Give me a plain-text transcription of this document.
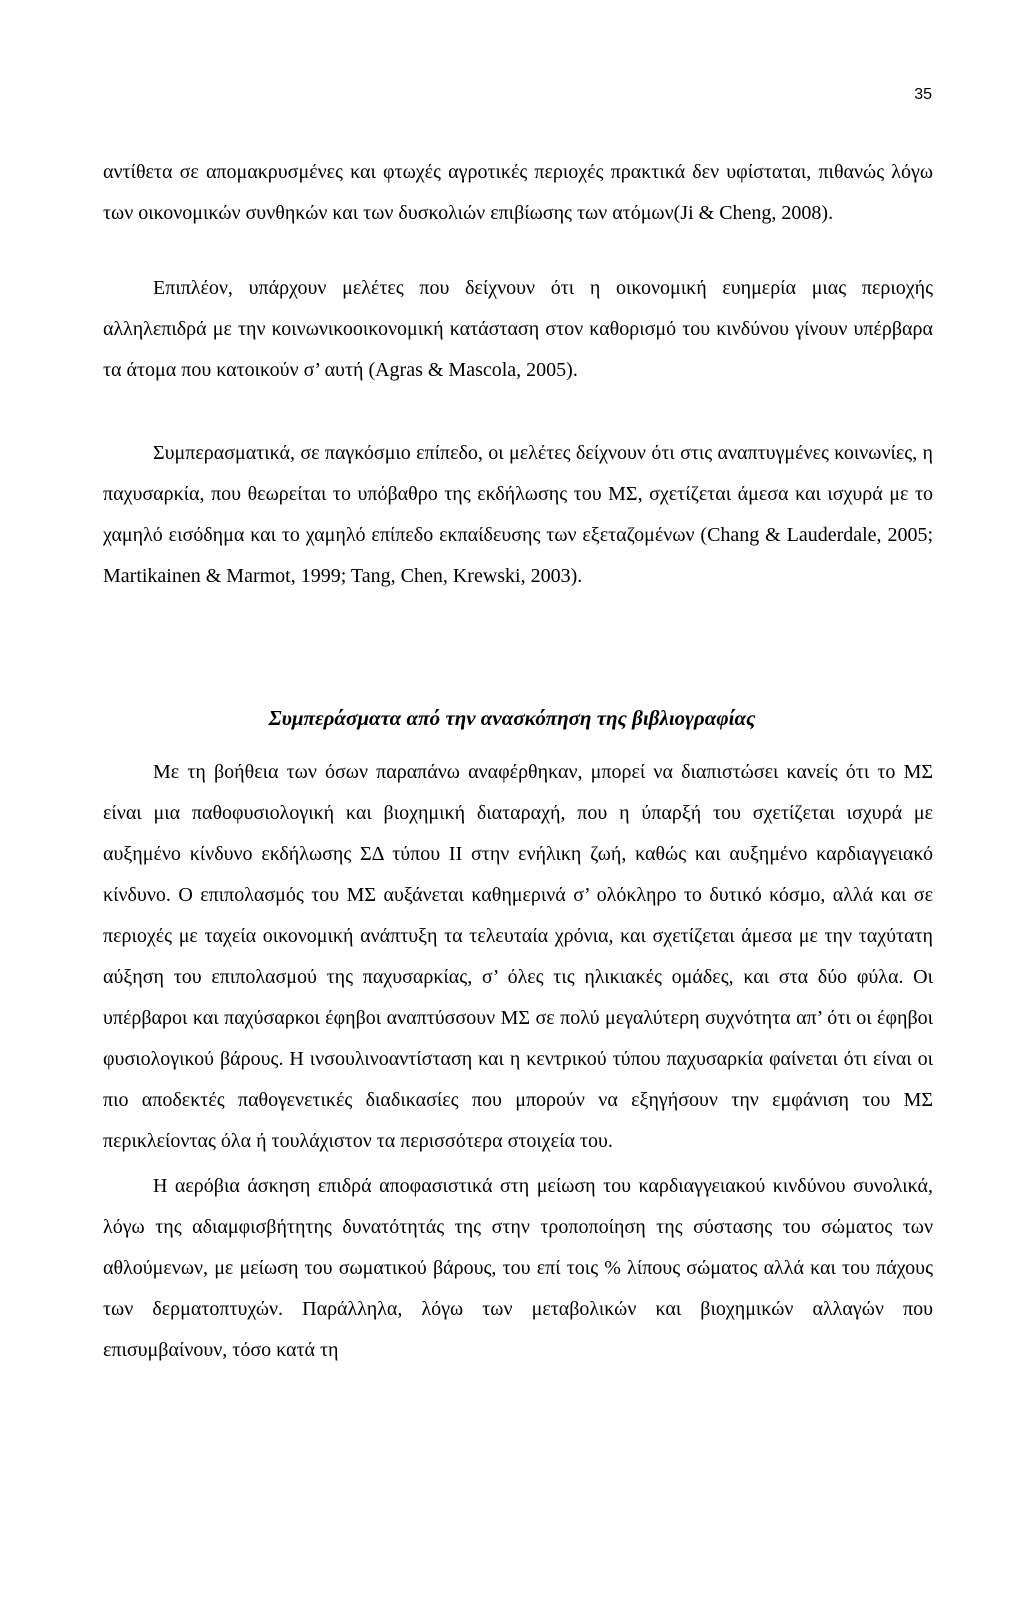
35

αντίθετα σε απομακρυσμένες και φτωχές αγροτικές περιοχές πρακτικά δεν υφίσταται, πιθανώς λόγω των οικονομικών συνθηκών και των δυσκολιών επιβίωσης των ατόμων(Ji & Cheng, 2008).

Επιπλέον, υπάρχουν μελέτες που δείχνουν ότι η οικονομική ευημερία μιας περιοχής αλληλεπιδρά με την κοινωνικοοικονομική κατάσταση στον καθορισμό του κινδύνου γίνουν υπέρβαρα τα άτομα που κατοικούν σ’ αυτή (Agras & Mascola, 2005).

Συμπερασματικά, σε παγκόσμιο επίπεδο, οι μελέτες δείχνουν ότι στις αναπτυγμένες κοινωνίες, η παχυσαρκία, που θεωρείται το υπόβαθρο της εκδήλωσης του ΜΣ, σχετίζεται άμεσα και ισχυρά με το χαμηλό εισόδημα και το χαμηλό επίπεδο εκπαίδευσης των εξεταζομένων (Chang & Lauderdale, 2005; Martikainen & Marmot, 1999; Tang, Chen, Krewski, 2003).

Συμπεράσματα από την ανασκόπηση της βιβλιογραφίας

Με τη βοήθεια των όσων παραπάνω αναφέρθηκαν, μπορεί να διαπιστώσει κανείς ότι το ΜΣ είναι μια παθοφυσιολογική και βιοχημική διαταραχή, που η ύπαρξή του σχετίζεται ισχυρά με αυξημένο κίνδυνο εκδήλωσης ΣΔ τύπου II στην ενήλικη ζωή, καθώς και αυξημένο καρδιαγγειακό κίνδυνο. Ο επιπολασμός του ΜΣ αυξάνεται καθημερινά σ’ ολόκληρο το δυτικό κόσμο, αλλά και σε περιοχές με ταχεία οικονομική ανάπτυξη τα τελευταία χρόνια, και σχετίζεται άμεσα με την ταχύτατη αύξηση του επιπολασμού της παχυσαρκίας, σ’ όλες τις ηλικιακές ομάδες, και στα δύο φύλα. Οι υπέρβαροι και παχύσαρκοι έφηβοι αναπτύσσουν ΜΣ σε πολύ μεγαλύτερη συχνότητα απ’ ότι οι έφηβοι φυσιολογικού βάρους. Η ινσουλινοαντίσταση και η κεντρικού τύπου παχυσαρκία φαίνεται ότι είναι οι πιο αποδεκτές παθογενετικές διαδικασίες που μπορούν να εξηγήσουν την εμφάνιση του ΜΣ περικλείοντας όλα ή τουλάχιστον τα περισσότερα στοιχεία του.

Η αερόβια άσκηση επιδρά αποφασιστικά στη μείωση του καρδιαγγειακού κινδύνου συνολικά, λόγω της αδιαμφισβήτητης δυνατότητάς της στην τροποποίηση της σύστασης του σώματος των αθλούμενων, με μείωση του σωματικού βάρους, του επί τοις % λίπους σώματος αλλά και του πάχους των δερματοπτυχών. Παράλληλα, λόγω των μεταβολικών και βιοχημικών αλλαγών που επισυμβαίνουν, τόσο κατά τη
